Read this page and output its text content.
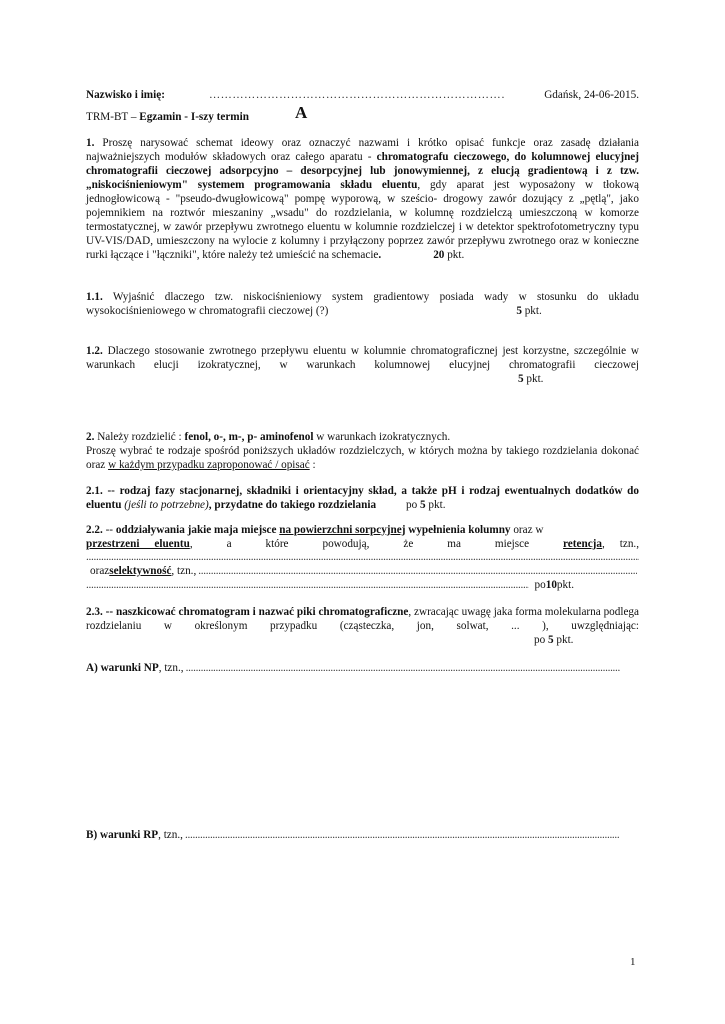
Nazwisko i imię:
………………………………………………………………………………………………………………………………	Gdańsk, 24-06-2015.
TRM-BT – Egzamin - I-szy termin	A
1. Proszę narysować schemat ideowy oraz oznaczyć nazwami i krótko opisać funkcje oraz zasadę działania najważniejszych modułów składowych oraz całego aparatu - chromatografu cieczowego, do kolumnowej elucyjnej chromatografii cieczowej adsorpcyjno – desorpcyjnej lub jonowymiennej, z elucją gradientową i z tzw. „niskociśnieniowym" systemem programowania składu eluentu, gdy aparat jest wyposażony w tłokową jednogłowicową - "pseudo-dwugłowicową" pompę wyporową, w sześcio- drogowy zawór dozujący z „pętlą", jako pojemnikiem na roztwór mieszaniny „wsadu" do rozdzielania, w kolumnę rozdzielczą umieszczoną w komorze termostatycznej, w zawór przepływu zwrotnego eluentu w kolumnie rozdzielczej i w detektor spektrofotometryczny typu UV-VIS/DAD, umieszczony na wylocie z kolumny i przyłączony poprzez zawór przepływu zwrotnego oraz w konieczne rurki łączące i "łączniki", które należy też umieścić na schemacie.	20 pkt.
1.1. Wyjaśnić dlaczego tzw. niskociśnieniowy system gradientowy posiada wady w stosunku do układu wysokociśnieniowego w chromatografii cieczowej (?)	5 pkt.
1.2. Dlaczego stosowanie zwrotnego przepływu eluentu w kolumnie chromatograficznej jest korzystne, szczególnie w warunkach elucji izokratycznej, w warunkach kolumnowej elucyjnej chromatografii cieczowej5 pkt.
2. Należy rozdzielić : fenol, o-, m-, p- aminofenol w warunkach izokratycznych.
Proszę wybrać te rodzaje spośród poniższych układów rozdzielczych, w których można by takiego rozdzielania dokonać oraz w każdym przypadku zaproponować / opisać :
2.1. -- rodzaj fazy stacjonarnej, składniki i orientacyjny skład, a także pH i rodzaj ewentualnych dodatków do eluentu (jeśli to potrzebne), przydatne do takiego rozdzielania	po 5 pkt.
2.2. -- oddziaływania jakie maja miejsce na powierzchni sorpcyjnej wypełnienia kolumny oraz w
przestrzeni eluentu, a które powodują, że ma miejsce retencja, tzn.,
.....
oraz selektywność , tzn.,
.....
.....
po 10 pkt.
2.3. -- naszkicować chromatogram i nazwać piki chromatograficzne, zwracając uwagę jaka forma molekularna podlega rozdzielaniu w określonym przypadku (cząsteczka, jon, solwat, ... ), uwzględniając:po 5 pkt.
A) warunki NP , tzn.,
.....
B) warunki RP , tzn.,
.....
1
